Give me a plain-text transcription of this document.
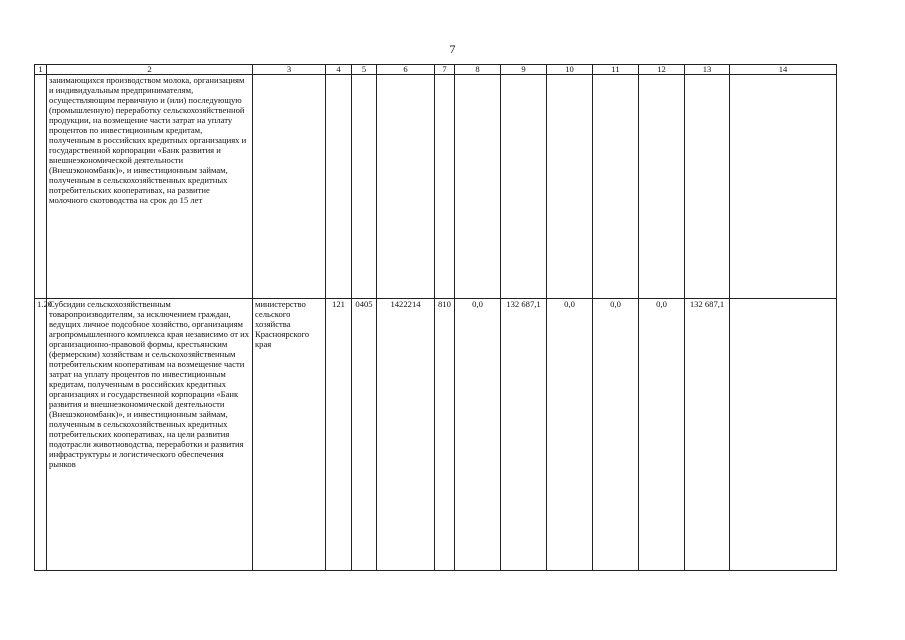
7
1	2	3	4	5	6	7	8	9	10	11	12	13	14
	занимающихся производством молока, организациям и индивидуальным предпринимателям, осуществляющим первичную и (или) последующую (промышленную) переработку сельскохозяйственной продукции, на возмещение части затрат на уплату процентов по инвестиционным кредитам, полученным в российских кредитных организациях и государственной корпорации «Банк развития и внешнеэкономической деятельности (Внешэкономбанк)», и инвестиционным займам, полученным в сельскохозяйственных кредитных потребительских кооперативах, на развитие молочного скотоводства на срок до 15 лет												
1.20	Субсидии сельскохозяйственным товаропроизводителям, за исключением граждан, ведущих личное подсобное хозяйство, организациям агропромышленного комплекса края независимо от их организационно-правовой формы, крестьянским (фермерским) хозяйствам и сельскохозяйственным потребительским кооперативам на возмещение части затрат на уплату процентов по инвестиционным кредитам, полученным в российских кредитных организациях и государственной корпорации «Банк развития и внешнеэкономической деятельности (Внешэкономбанк)», и инвестиционным займам, полученным в сельскохозяйственных кредитных потребительских кооперативах, на цели развития подотрасли животноводства, переработки и развития инфраструктуры и логистического обеспечения рынков	министерство сельского хозяйства Красноярского края	121	0405	1422214	810	0,0	132 687,1	0,0	0,0	0,0	132 687,1	
